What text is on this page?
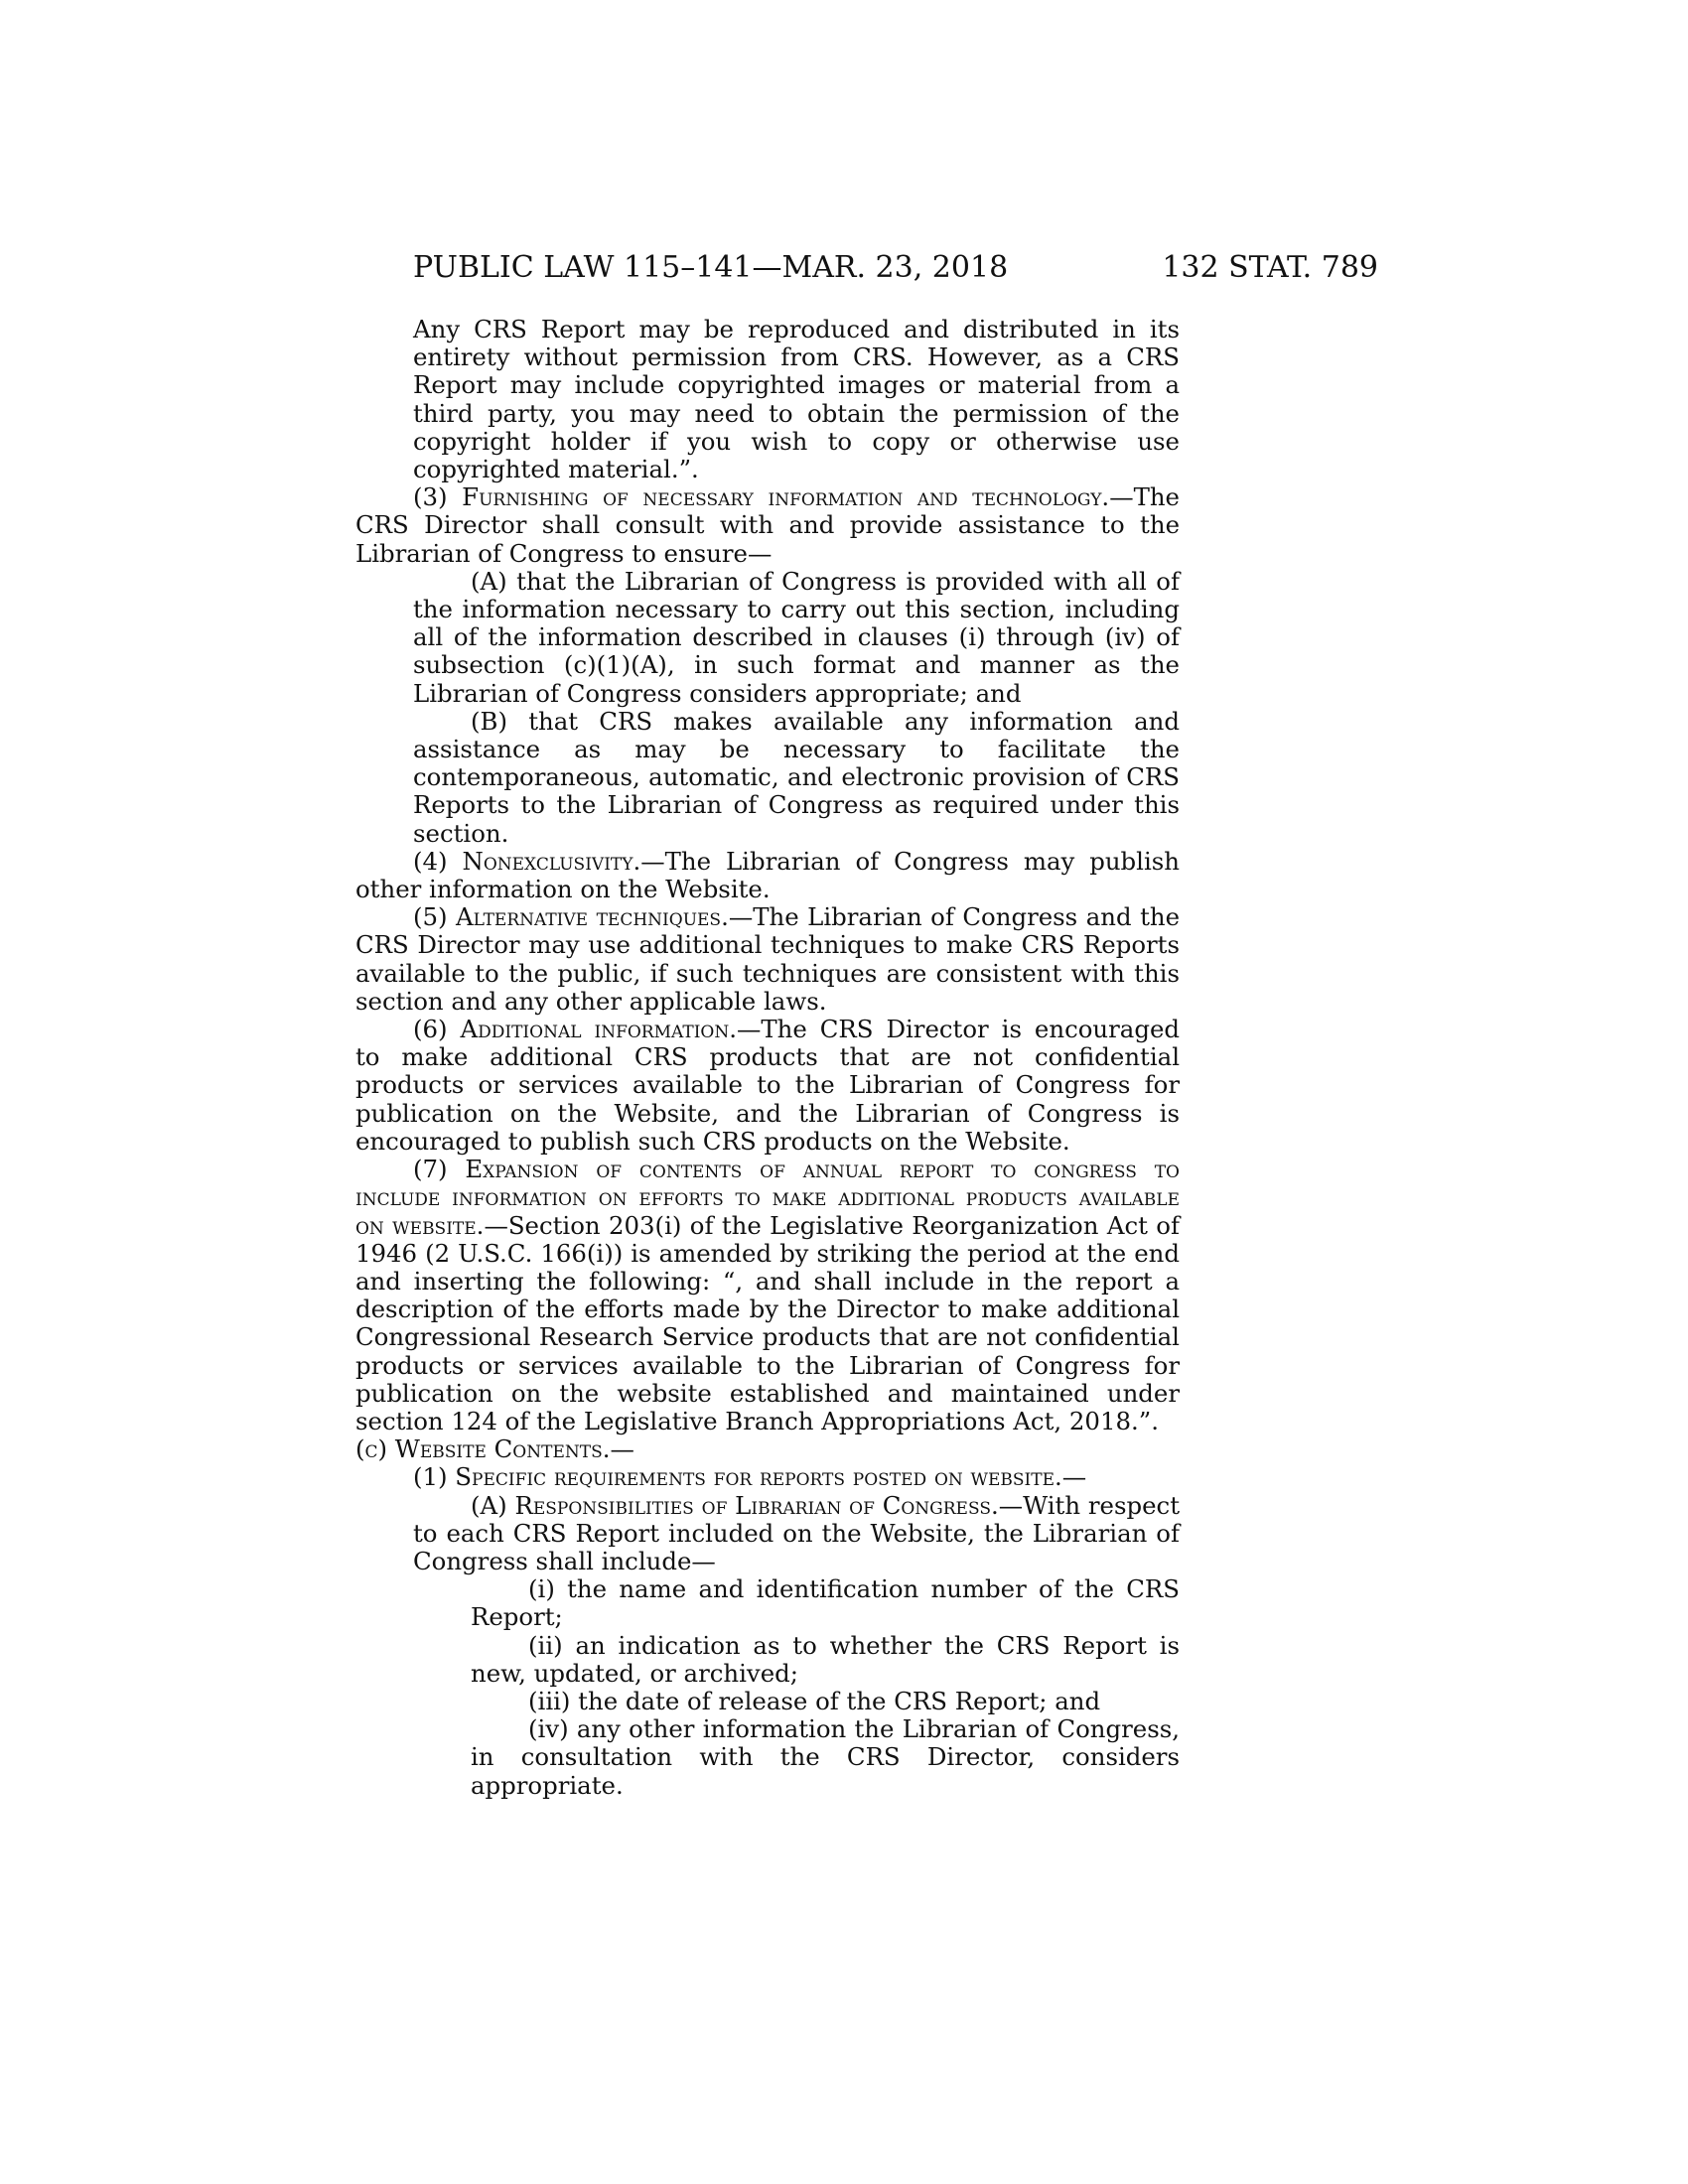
PUBLIC LAW 115–141—MAR. 23, 2018	132 STAT. 789

Any CRS Report may be reproduced and distributed in its entirety without permission from CRS. However, as a CRS Report may include copyrighted images or material from a third party, you may need to obtain the permission of the copyright holder if you wish to copy or otherwise use copyrighted material.”.

(3) Furnishing of necessary information and technology.—The CRS Director shall consult with and provide assistance to the Librarian of Congress to ensure—

(A) that the Librarian of Congress is provided with all of the information necessary to carry out this section, including all of the information described in clauses (i) through (iv) of subsection (c)(1)(A), in such format and manner as the Librarian of Congress considers appropriate; and

(B) that CRS makes available any information and assistance as may be necessary to facilitate the contemporaneous, automatic, and electronic provision of CRS Reports to the Librarian of Congress as required under this section.

(4) Nonexclusivity.—The Librarian of Congress may publish other information on the Website.

(5) Alternative techniques.—The Librarian of Congress and the CRS Director may use additional techniques to make CRS Reports available to the public, if such techniques are consistent with this section and any other applicable laws.

(6) Additional information.—The CRS Director is encouraged to make additional CRS products that are not confidential products or services available to the Librarian of Congress for publication on the Website, and the Librarian of Congress is encouraged to publish such CRS products on the Website.

(7) Expansion of contents of annual report to congress to include information on efforts to make additional products available on website.—Section 203(i) of the Legislative Reorganization Act of 1946 (2 U.S.C. 166(i)) is amended by striking the period at the end and inserting the following: “, and shall include in the report a description of the efforts made by the Director to make additional Congressional Research Service products that are not confidential products or services available to the Librarian of Congress for publication on the website established and maintained under section 124 of the Legislative Branch Appropriations Act, 2018.”.

(c) Website Contents.—

(1) Specific requirements for reports posted on website.—

(A) Responsibilities of Librarian of Congress.—With respect to each CRS Report included on the Website, the Librarian of Congress shall include—

(i) the name and identification number of the CRS Report;

(ii) an indication as to whether the CRS Report is new, updated, or archived;

(iii) the date of release of the CRS Report; and

(iv) any other information the Librarian of Congress, in consultation with the CRS Director, considers appropriate.
